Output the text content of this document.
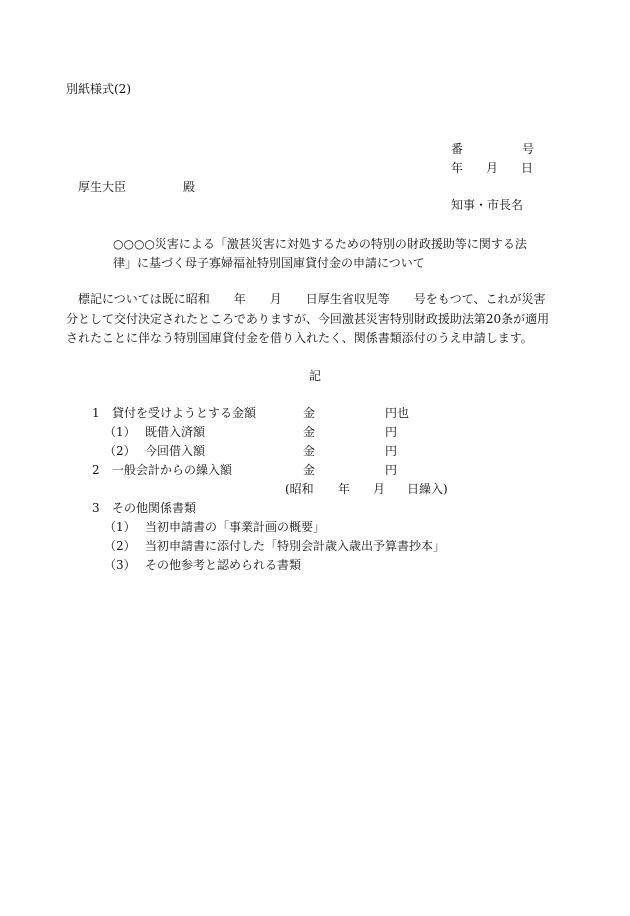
別紙様式(2)
番	号
年 月 日
厚生大臣	殿
知事・市長名
○○○○災害による「激甚災害に対処するための特別の財政援助等に関する法
律」に基づく母子寡婦福祉特別国庫貸付金の申請について
標記については既に昭和　　年　　月　　日厚生省収児等　　号をもつて、これが災害
分として交付決定されたところでありますが、今回激甚災害特別財政援助法第20条が適用
されたことに伴なう特別国庫貸付金を借り入れたく、関係書類添付のうえ申請します。
記
1 貸付を受けようとする金額	金	円也
（1） 既借入済額	金	円
（2） 今回借入額	金	円
2 一般会計からの繰入額	金	円
(昭和 年 月 日繰入)
3 その他関係書類
（1） 当初申請書の「事業計画の概要」
（2） 当初申請書に添付した「特別会計歳入歳出予算書抄本」
（3） その他参考と認められる書類
